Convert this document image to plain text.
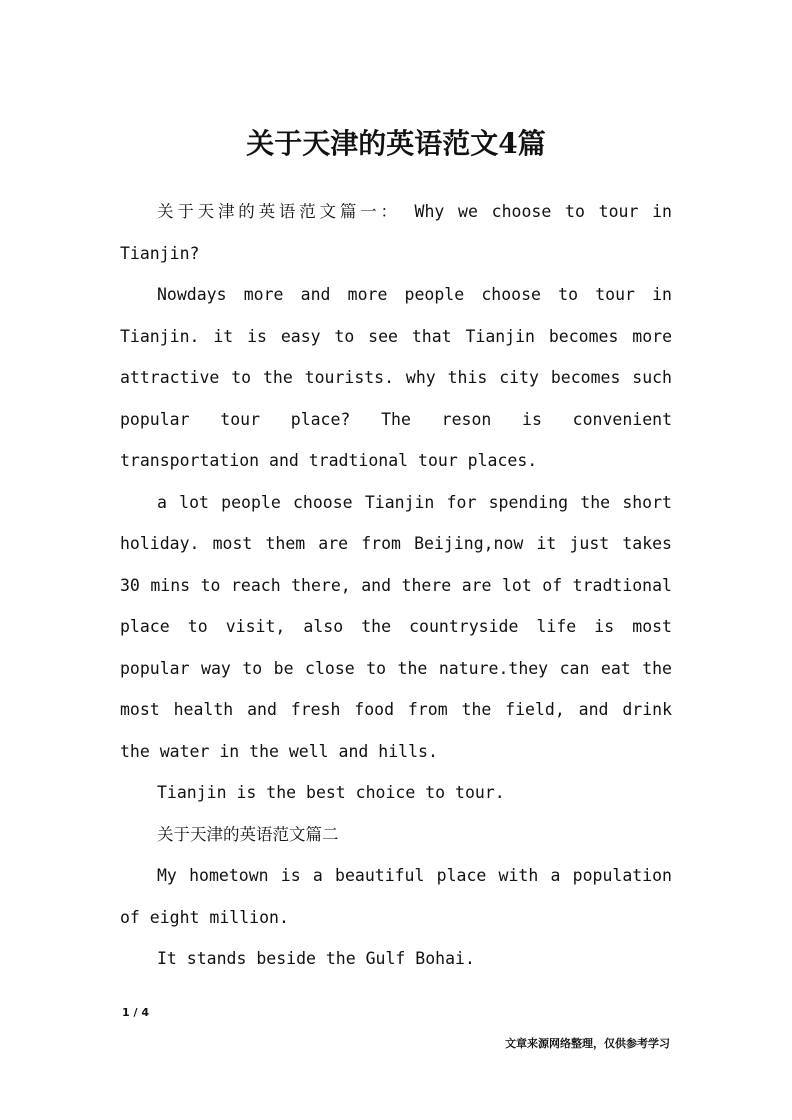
关于天津的英语范文4篇

关于天津的英语范文篇一： Why we choose to tour in Tianjin?

Nowdays more and more people choose to tour in Tianjin. it is easy to see that Tianjin becomes more attractive to the tourists. why this city becomes such popular tour place? The reson is convenient transportation and tradtional tour places.

a lot people choose Tianjin for spending the short holiday. most them are from Beijing,now it just takes 30 mins to reach there, and there are lot of tradtional place to visit, also the countryside life is most popular way to be close to the nature.they can eat the most health and fresh food from the field, and drink the water in the well and hills.

Tianjin is the best choice to tour.

关于天津的英语范文篇二

My hometown is a beautiful place with a population of eight million.

It stands beside the Gulf Bohai.

1 / 4
文章来源网络整理，仅供参考学习
